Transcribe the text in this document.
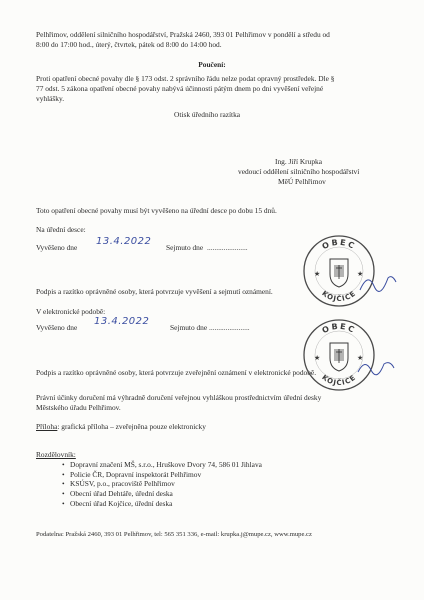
Pelhřimov, oddělení silničního hospodářství, Pražská 2460, 393 01 Pelhřimov v pondělí a středu od
8:00 do 17:00 hod., úterý, čtvrtek, pátek od 8:00 do 14:00 hod.
Poučení:
Proti opatření obecné povahy dle § 173 odst. 2 správního řádu nelze podat opravný prostředek. Dle §
77 odst. 5 zákona opatření obecné povahy nabývá účinnosti pátým dnem po dni vyvěšení veřejné
vyhlášky.
Otisk úředního razítka
Ing. Jiří Krupka
vedoucí oddělení silničního hospodářství
MěÚ Pelhřimov
Toto opatření obecné povahy musí být vyvěšeno na úřední desce po dobu 15 dnů.
Na úřední desce:
Vyvěšeno dne
13.4.2022
Sejmuto dne ......................
Podpis a razítko oprávněné osoby, která potvrzuje vyvěšení a sejmutí oznámení.
V elektronické podobě:
Vyvěšeno dne
13.4.2022
Sejmuto dne ......................
Podpis a razítko oprávněné osoby, která potvrzuje zveřejnění oznámení v elektronické podobě.
Právní účinky doručení má výhradně doručení veřejnou vyhláškou prostřednictvím úřední desky
Městského úřadu Pelhřimov.
Příloha: grafická příloha – zveřejněna pouze elektronicky
Rozdělovník:
• Dopravní značení MŠ, s.r.o., Hruškove Dvory 74, 586 01 Jihlava
• Policie ČR, Dopravní inspektorát Pelhřimov
• KSÚSV, p.o., pracoviště Pelhřimov
• Obecní úřad Dehtáře, úřední deska
• Obecní úřad Kojčice, úřední deska
Podatelna: Pražská 2460, 393 01 Pelhřimov, tel: 565 351 336, e-mail: krupka.j@mupe.cz, www.mupe.cz
OBEC
KOJČICE
★	★
OBEC
KOJČICE
★	★
